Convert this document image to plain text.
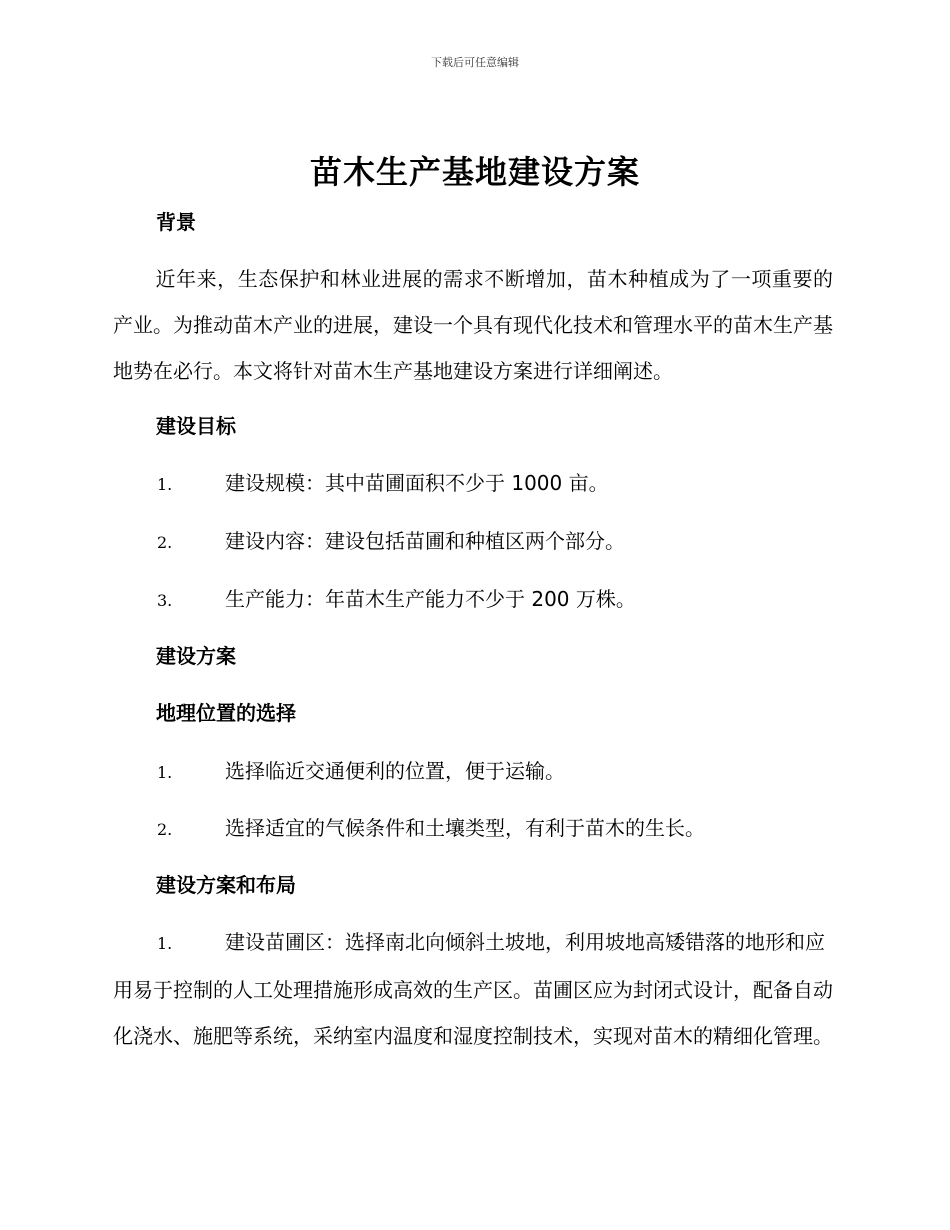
下载后可任意编辑
苗木生产基地建设方案
背景
近年来，生态保护和林业进展的需求不断增加，苗木种植成为了一项重要的产业。为推动苗木产业的进展，建设一个具有现代化技术和管理水平的苗木生产基地势在必行。本文将针对苗木生产基地建设方案进行详细阐述。
建设目标
1.	建设规模：其中苗圃面积不少于 1000 亩。
2.	建设内容：建设包括苗圃和种植区两个部分。
3.	生产能力：年苗木生产能力不少于 200 万株。
建设方案
地理位置的选择
1.	选择临近交通便利的位置，便于运输。
2.	选择适宜的气候条件和土壤类型，有利于苗木的生长。
建设方案和布局
1.	建设苗圃区：选择南北向倾斜土坡地，利用坡地高矮错落的地形和应用易于控制的人工处理措施形成高效的生产区。苗圃区应为封闭式设计，配备自动化浇水、施肥等系统，采纳室内温度和湿度控制技术，实现对苗木的精细化管理。
